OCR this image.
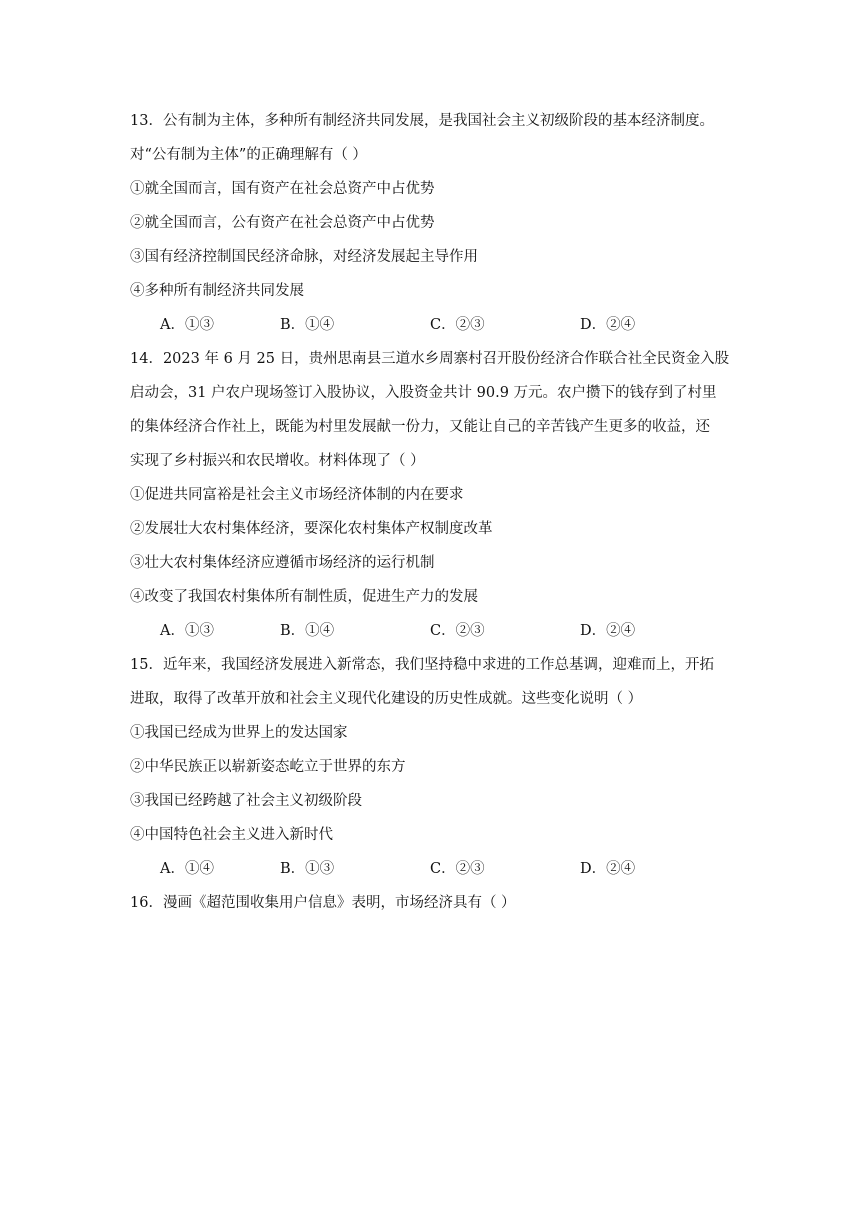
13．公有制为主体，多种所有制经济共同发展，是我国社会主义初级阶段的基本经济制度。
对“公有制为主体”的正确理解有（ ）
①就全国而言，国有资产在社会总资产中占优势
②就全国而言，公有资产在社会总资产中占优势
③国有经济控制国民经济命脉，对经济发展起主导作用
④多种所有制经济共同发展
A．①③	B．①④	C．②③	D．②④
14．2023 年 6 月 25 日，贵州思南县三道水乡周寨村召开股份经济合作联合社全民资金入股
启动会，31 户农户现场签订入股协议，入股资金共计 90.9 万元。农户攒下的钱存到了村里
的集体经济合作社上，既能为村里发展献一份力，又能让自己的辛苦钱产生更多的收益，还
实现了乡村振兴和农民增收。材料体现了（ ）
①促进共同富裕是社会主义市场经济体制的内在要求
②发展壮大农村集体经济，要深化农村集体产权制度改革
③壮大农村集体经济应遵循市场经济的运行机制
④改变了我国农村集体所有制性质，促进生产力的发展
A．①③	B．①④	C．②③	D．②④
15．近年来，我国经济发展进入新常态，我们坚持稳中求进的工作总基调，迎难而上，开拓
进取，取得了改革开放和社会主义现代化建设的历史性成就。这些变化说明（ ）
①我国已经成为世界上的发达国家
②中华民族正以崭新姿态屹立于世界的东方
③我国已经跨越了社会主义初级阶段
④中国特色社会主义进入新时代
A．①④	B．①③	C．②③	D．②④
16．漫画《超范围收集用户信息》表明，市场经济具有（ ）
